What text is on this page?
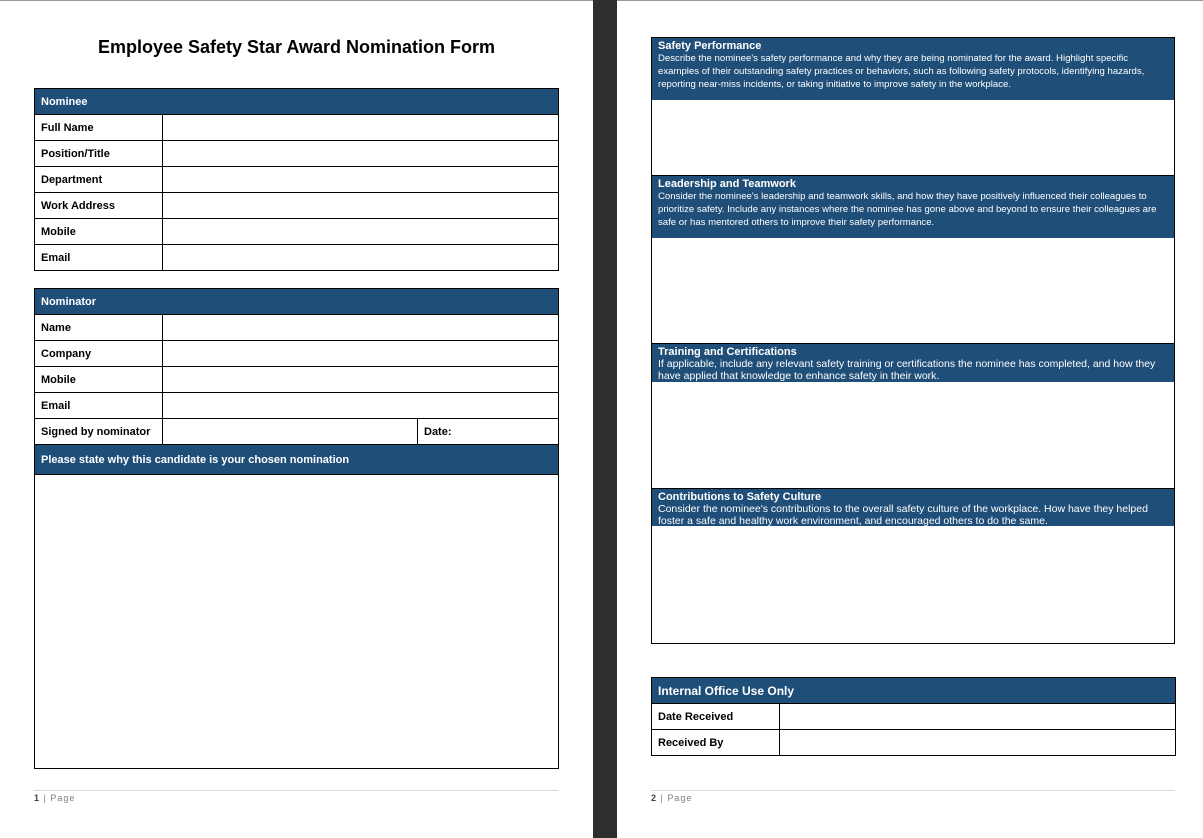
Employee Safety Star Award Nomination Form
Nominee	
Full Name	
Position/Title	
Department	
Work Address	
Mobile	
Email	
Nominator		
Name		
Company		
Mobile		
Email		
Signed by nominator		Date:
Please state why this candidate is your chosen nomination		

1 | Page
Safety Performance
Describe the nominee's safety performance and why they are being nominated for the award. Highlight specific examples of their outstanding safety practices or behaviors, such as following safety protocols, identifying hazards, reporting near-miss incidents, or taking initiative to improve safety in the workplace.
Leadership and Teamwork
Consider the nominee's leadership and teamwork skills, and how they have positively influenced their colleagues to prioritize safety. Include any instances where the nominee has gone above and beyond to ensure their colleagues are safe or has mentored others to improve their safety performance.
Training and Certifications
If applicable, include any relevant safety training or certifications the nominee has completed, and how they have applied that knowledge to enhance safety in their work.
Contributions to Safety Culture
Consider the nominee's contributions to the overall safety culture of the workplace. How have they helped foster a safe and healthy work environment, and encouraged others to do the same.
Internal Office Use Only	
Date Received	
Received By	
2 | Page
